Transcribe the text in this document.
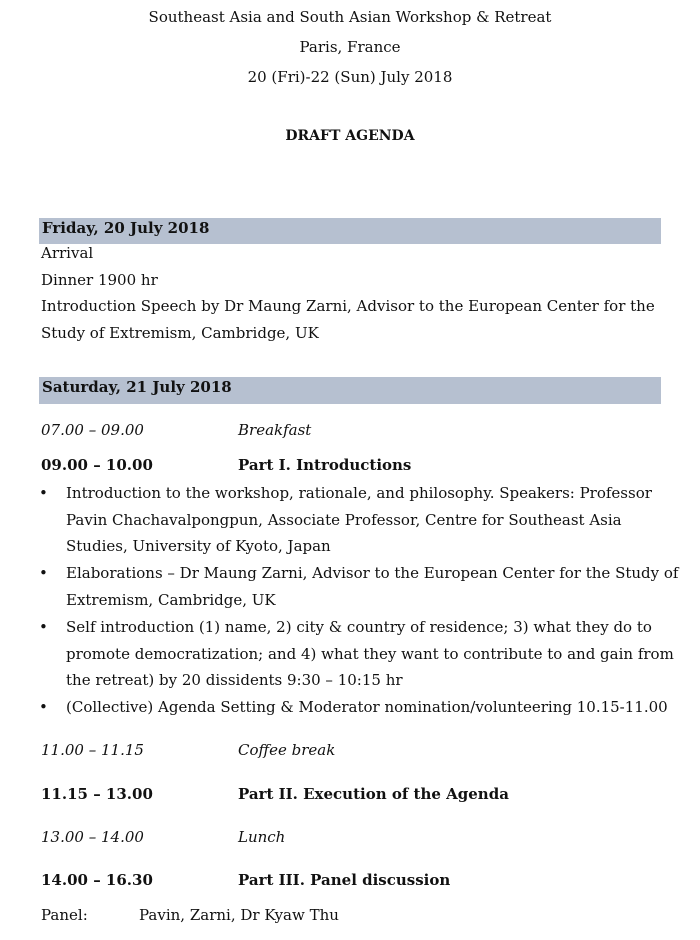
Southeast Asia and South Asian Workshop & Retreat
Paris, France
20 (Fri)-22 (Sun) July 2018
DRAFT AGENDA
Friday, 20 July 2018
Arrival
Dinner 1900 hr
Introduction Speech by Dr Maung Zarni, Advisor to the European Center for the
Study of Extremism, Cambridge, UK
Saturday, 21 July 2018
07.00 – 09.00	Breakfast
09.00 – 10.00	Part I. Introductions
• Introduction to the workshop, rationale, and philosophy. Speakers: Professor
Pavin Chachavalpongpun, Associate Professor, Centre for Southeast Asia
Studies, University of Kyoto, Japan
• Elaborations – Dr Maung Zarni, Advisor to the European Center for the Study of
Extremism, Cambridge, UK
• Self introduction (1) name, 2) city & country of residence; 3) what they do to
promote democratization; and 4) what they want to contribute to and gain from
the retreat) by 20 dissidents 9:30 – 10:15 hr
• (Collective) Agenda Setting & Moderator nomination/volunteering 10.15-11.00
11.00 – 11.15	Coffee break
11.15 – 13.00	Part II. Execution of the Agenda
13.00 – 14.00	Lunch
14.00 – 16.30	Part III. Panel discussion
Panel:	Pavin, Zarni, Dr Kyaw Thu
